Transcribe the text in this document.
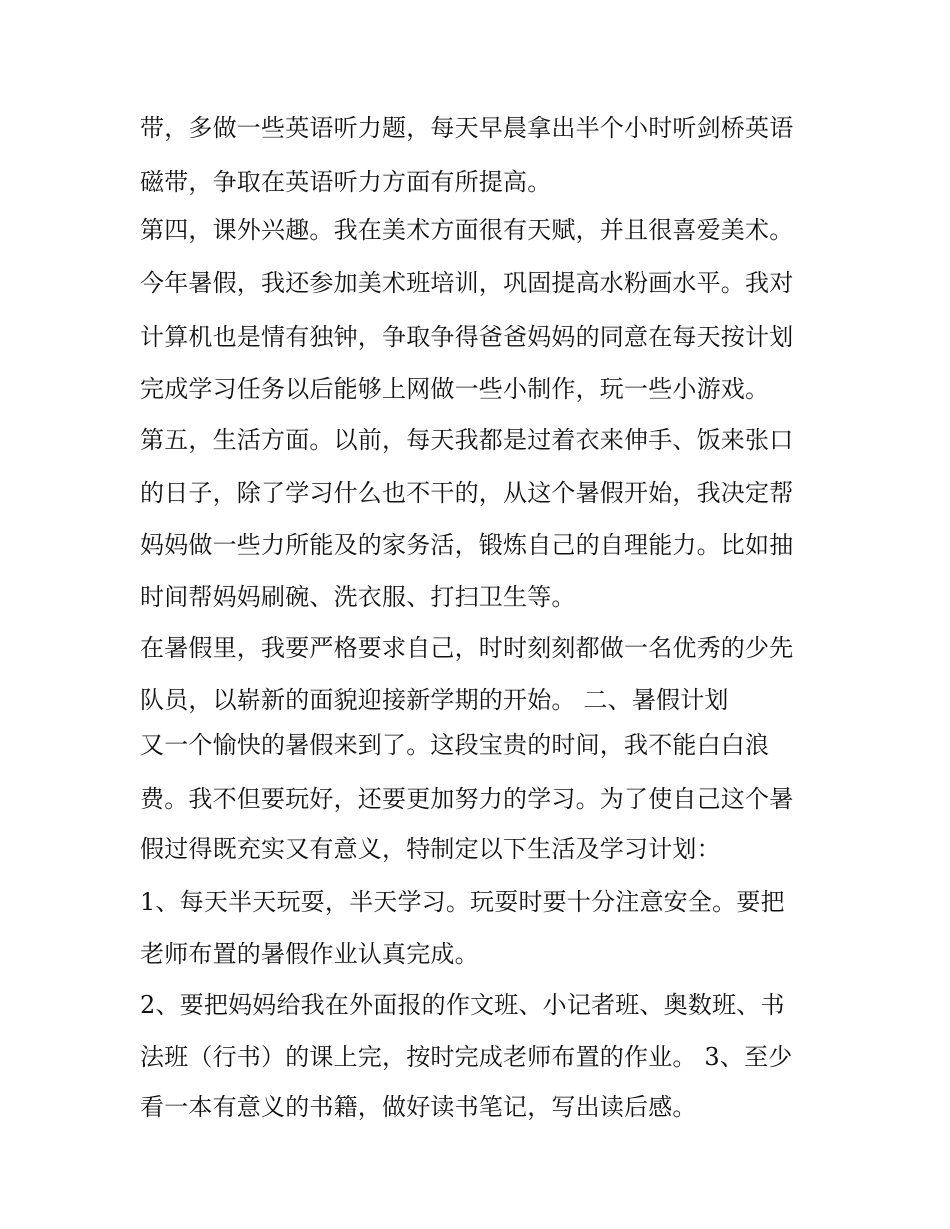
带，多做一些英语听力题，每天早晨拿出半个小时听剑桥英语
磁带，争取在英语听力方面有所提高。
第四，课外兴趣。我在美术方面很有天赋，并且很喜爱美术。
今年暑假，我还参加美术班培训，巩固提高水粉画水平。我对
计算机也是情有独钟，争取争得爸爸妈妈的同意在每天按计划
完成学习任务以后能够上网做一些小制作，玩一些小游戏。
第五，生活方面。以前，每天我都是过着衣来伸手、饭来张口
的日子，除了学习什么也不干的，从这个暑假开始，我决定帮
妈妈做一些力所能及的家务活，锻炼自己的自理能力。比如抽
时间帮妈妈刷碗、洗衣服、打扫卫生等。
在暑假里，我要严格要求自己，时时刻刻都做一名优秀的少先
队员，以崭新的面貌迎接新学期的开始。 二、暑假计划
又一个愉快的暑假来到了。这段宝贵的时间，我不能白白浪
费。我不但要玩好，还要更加努力的学习。为了使自己这个暑
假过得既充实又有意义，特制定以下生活及学习计划：
1、每天半天玩耍，半天学习。玩耍时要十分注意安全。要把
老师布置的暑假作业认真完成。
2、要把妈妈给我在外面报的作文班、小记者班、奥数班、书
法班（行书）的课上完，按时完成老师布置的作业。 3、至少
看一本有意义的书籍，做好读书笔记，写出读后感。
